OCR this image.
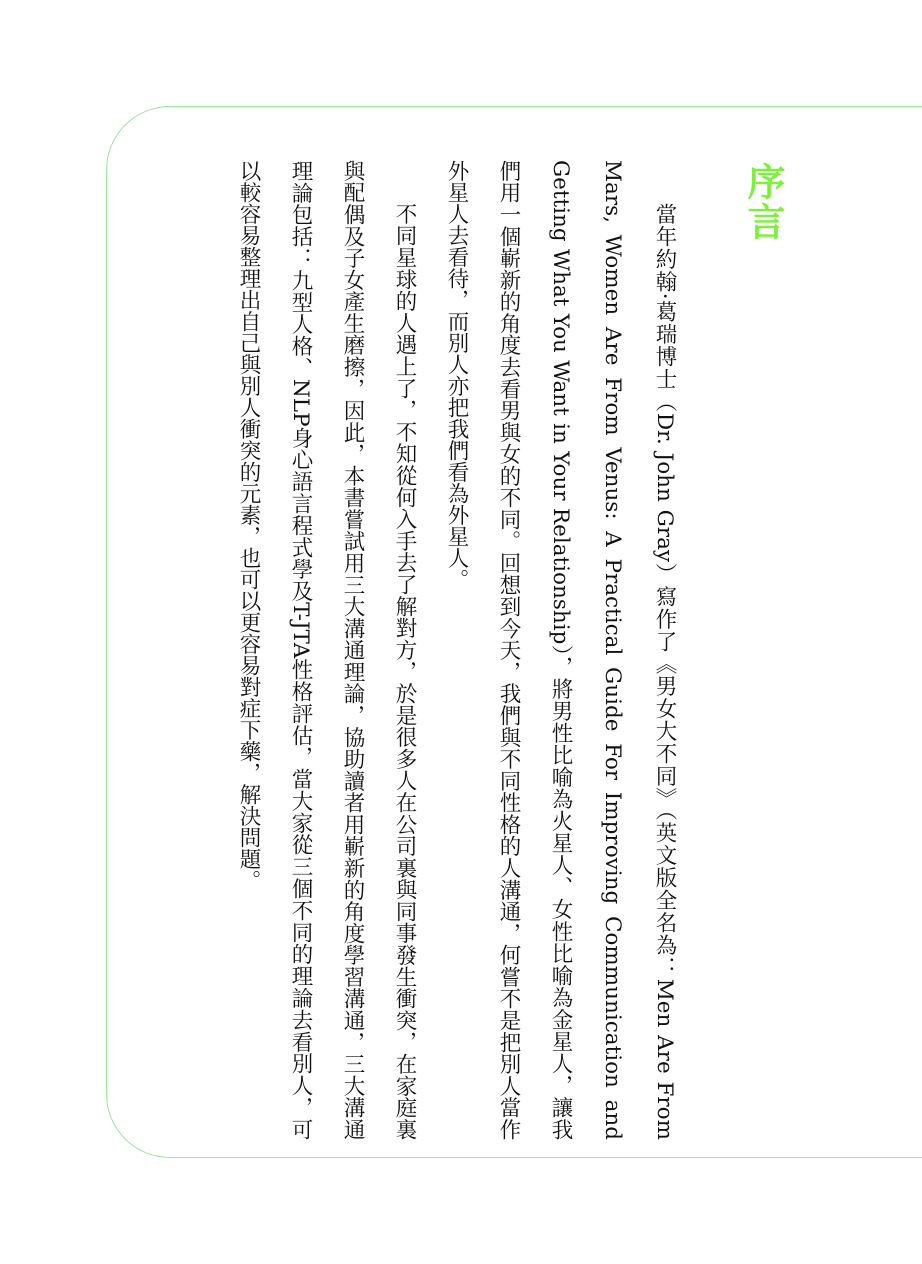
序言

當年約翰·葛瑞博士（Dr. John Gray）寫作了《男女大不同》（英文版全名為：Men Are From Mars, Women Are From Venus: A Practical Guide For Improving Communication and Getting What You Want in Your Relationship），將男性比喻為火星人、女性比喻為金星人，讓我們用一個嶄新的角度去看男與女的不同。回想到今天，我們與不同性格的人溝通，何嘗不是把別人當作外星人去看待，而別人亦把我們看為外星人。

不同星球的人遇上了，不知從何入手去了解對方，於是很多人在公司裏與同事發生衝突，在家庭裏與配偶及子女產生磨擦，因此，本書嘗試用三大溝通理論，協助讀者用嶄新的角度學習溝通，三大溝通理論包括：九型人格、NLP身心語言程式學及T-JTA性格評估，當大家從三個不同的理論去看別人，可以較容易整理出自己與別人衝突的元素，也可以更容易對症下藥，解決問題。
